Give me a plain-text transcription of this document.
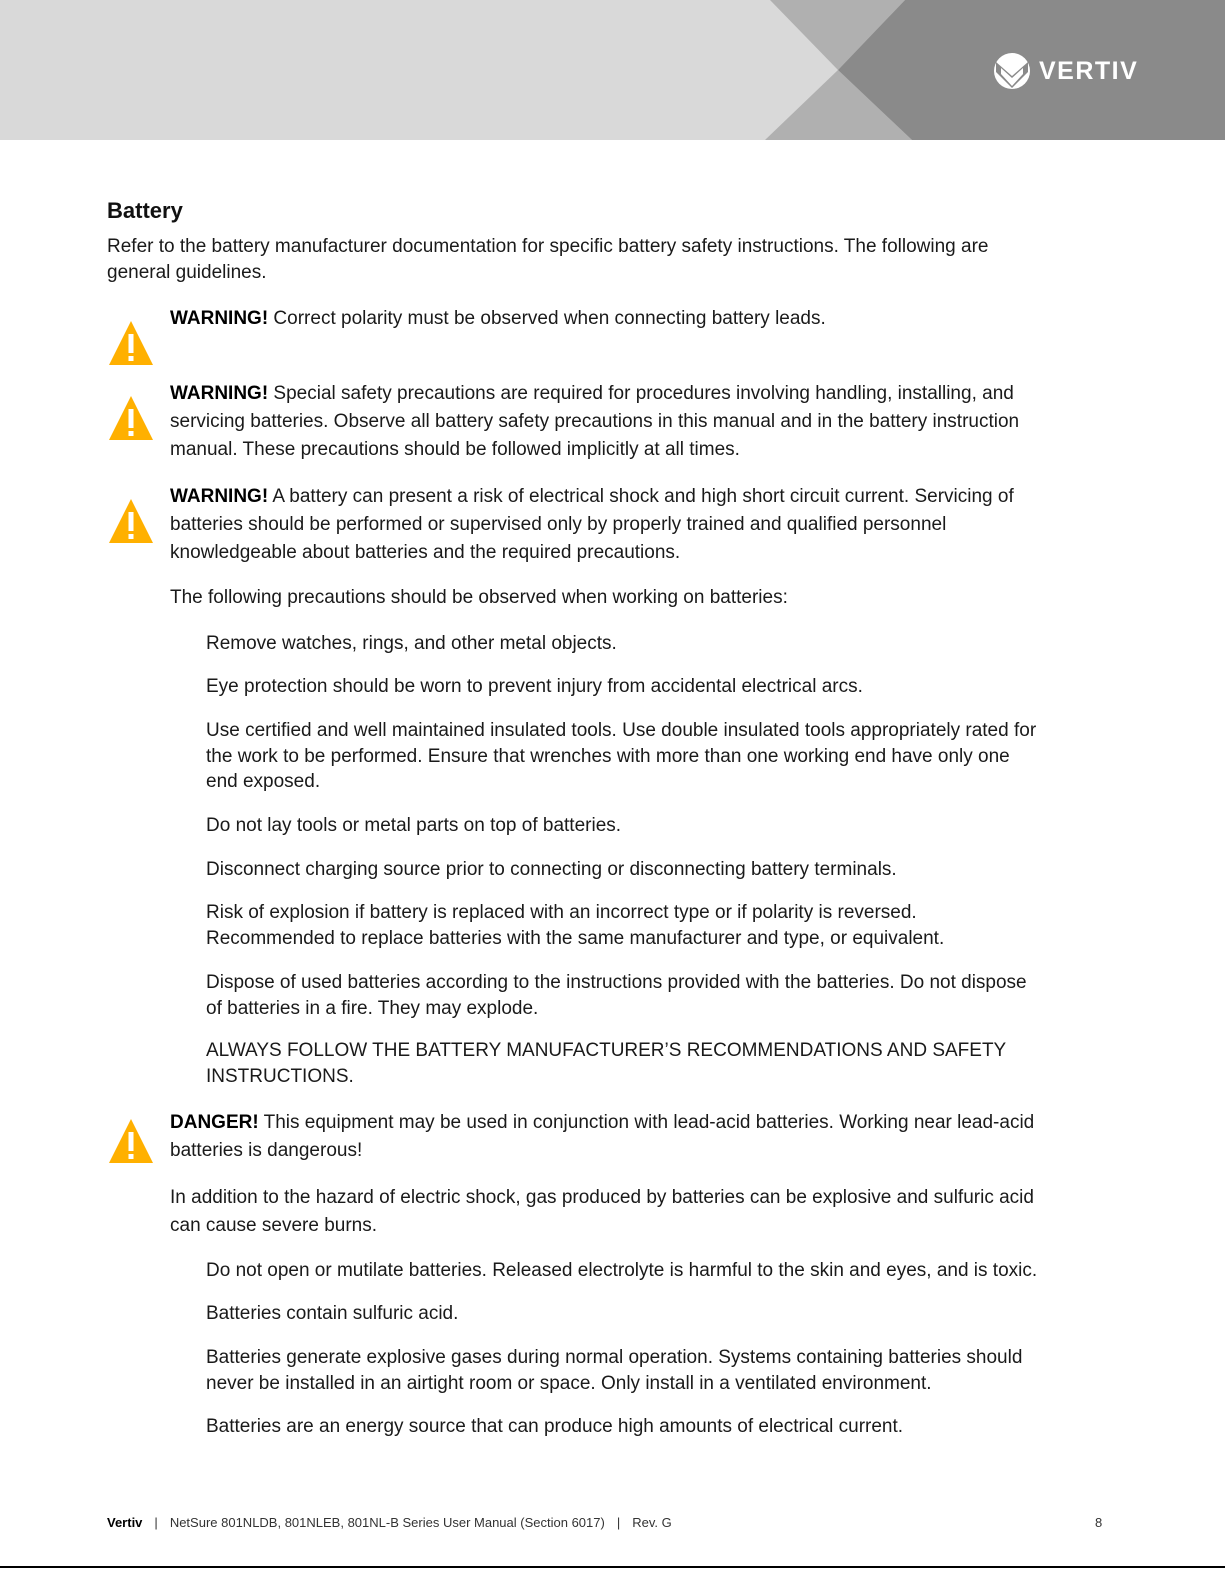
VERTIV
Battery
Refer to the battery manufacturer documentation for specific battery safety instructions. The following are
general guidelines.
WARNING! Correct polarity must be observed when connecting battery leads.
WARNING! Special safety precautions are required for procedures involving handling, installing, and
servicing batteries. Observe all battery safety precautions in this manual and in the battery instruction
manual. These precautions should be followed implicitly at all times.
WARNING! A battery can present a risk of electrical shock and high short circuit current. Servicing of
batteries should be performed or supervised only by properly trained and qualified personnel
knowledgeable about batteries and the required precautions.
The following precautions should be observed when working on batteries:
Remove watches, rings, and other metal objects.
Eye protection should be worn to prevent injury from accidental electrical arcs.
Use certified and well maintained insulated tools. Use double insulated tools appropriately rated for
the work to be performed. Ensure that wrenches with more than one working end have only one
end exposed.
Do not lay tools or metal parts on top of batteries.
Disconnect charging source prior to connecting or disconnecting battery terminals.
Risk of explosion if battery is replaced with an incorrect type or if polarity is reversed.
Recommended to replace batteries with the same manufacturer and type, or equivalent.
Dispose of used batteries according to the instructions provided with the batteries. Do not dispose
of batteries in a fire. They may explode.
ALWAYS FOLLOW THE BATTERY MANUFACTURER’S RECOMMENDATIONS AND SAFETY
INSTRUCTIONS.
DANGER! This equipment may be used in conjunction with lead-acid batteries. Working near lead-acid
batteries is dangerous!
In addition to the hazard of electric shock, gas produced by batteries can be explosive and sulfuric acid
can cause severe burns.
Do not open or mutilate batteries. Released electrolyte is harmful to the skin and eyes, and is toxic.
Batteries contain sulfuric acid.
Batteries generate explosive gases during normal operation. Systems containing batteries should
never be installed in an airtight room or space. Only install in a ventilated environment.
Batteries are an energy source that can produce high amounts of electrical current.
Vertiv | NetSure 801NLDB, 801NLEB, 801NL-B Series User Manual (Section 6017) | Rev. G	8
